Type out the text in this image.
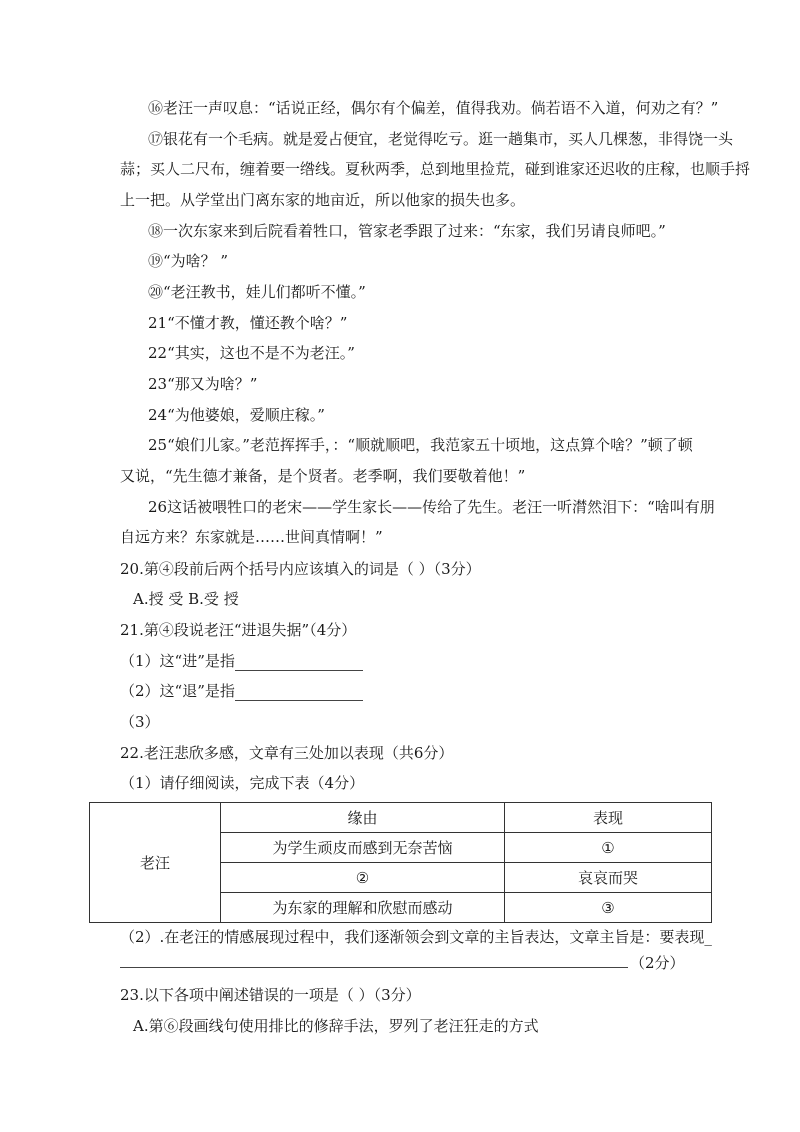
⑯老汪一声叹息：“话说正经，偶尔有个偏差，值得我劝。倘若语不入道，何劝之有？”
⑰银花有一个毛病。就是爱占便宜，老觉得吃亏。逛一趟集市，买人几棵葱，非得饶一头
蒜；买人二尺布，缠着要一绺线。夏秋两季，总到地里捡荒，碰到谁家还迟收的庄稼，也顺手捋
上一把。从学堂出门离东家的地亩近，所以他家的损失也多。
⑱一次东家来到后院看着牲口，管家老季跟了过来：“东家，我们另请良师吧。”
⑲“为啥？ ”
⑳“老汪教书，娃儿们都听不懂。”
21“不懂才教，懂还教个啥？”
22“其实，这也不是不为老汪。”
23“那又为啥？”
24“为他婆娘，爱顺庄稼。”
25“娘们儿家。”老范挥挥手，：“顺就顺吧，我范家五十顷地，这点算个啥？”顿了顿
又说，“先生德才兼备，是个贤者。老季啊，我们要敬着他！”
26这话被喂牲口的老宋——学生家长——传给了先生。老汪一听潸然泪下：“啥叫有朋
自远方来？东家就是……世间真情啊！”
20.第④段前后两个括号内应该填入的词是（ ）（3分）
A.授 受 B.受 授
21.第④段说老汪“进退失据”（4分）
（1）这“进”是指
（2）这“退”是指
（3）
22.老汪悲欣多感，文章有三处加以表现（共6分）
（1）请仔细阅读，完成下表（4分）
老汪	缘由	表现
	为学生顽皮而感到无奈苦恼	①
	②	哀哀而哭
	为东家的理解和欣慰而感动	③
（2）.在老汪的情感展现过程中，我们逐渐领会到文章的主旨表达，文章主旨是：要表现_
（2分）
23.以下各项中阐述错误的一项是（ ）（3分）
A.第⑥段画线句使用排比的修辞手法，罗列了老汪狂走的方式
